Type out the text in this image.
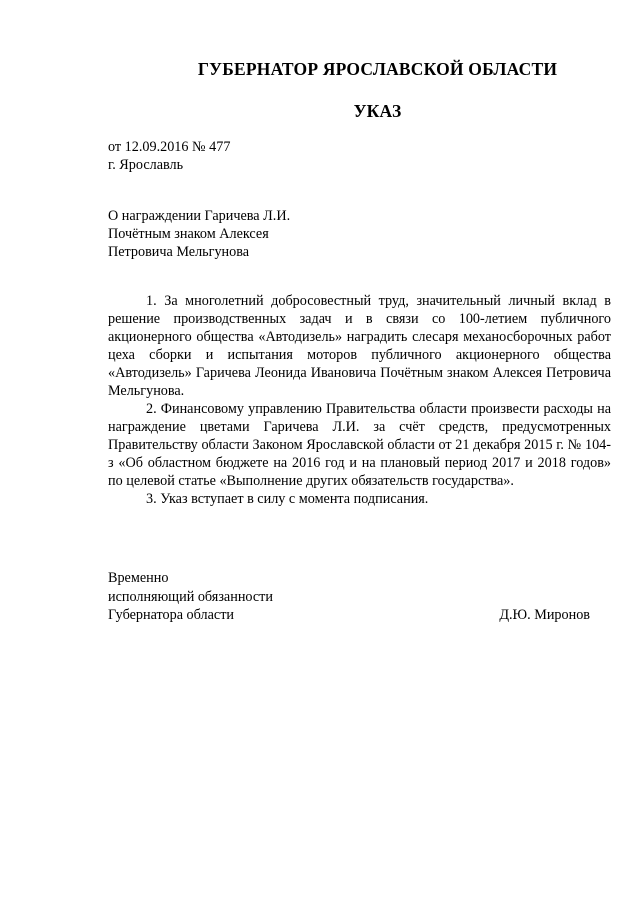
ГУБЕРНАТОР ЯРОСЛАВСКОЙ ОБЛАСТИ
УКАЗ
от 12.09.2016 № 477
г. Ярославль
О награждении Гаричева Л.И.
Почётным знаком Алексея
Петровича Мельгунова

1. За многолетний добросовестный труд, значительный личный вклад в решение производственных задач и в связи со 100-летием публичного акционерного общества «Автодизель» наградить слесаря механосборочных работ цеха сборки и испытания моторов публичного акционерного общества «Автодизель» Гаричева Леонида Ивановича Почётным знаком Алексея Петровича Мельгунова.

2. Финансовому управлению Правительства области произвести расходы на награждение цветами Гаричева Л.И. за счёт средств, предусмотренных Правительству области Законом Ярославской области от 21 декабря 2015 г. № 104-з «Об областном бюджете на 2016 год и на плановый период 2017 и 2018 годов» по целевой статье «Выполнение других обязательств государства».

3. Указ вступает в силу с момента подписания.

Временно
исполняющий обязанности
Губернатора области	Д.Ю. Миронов
